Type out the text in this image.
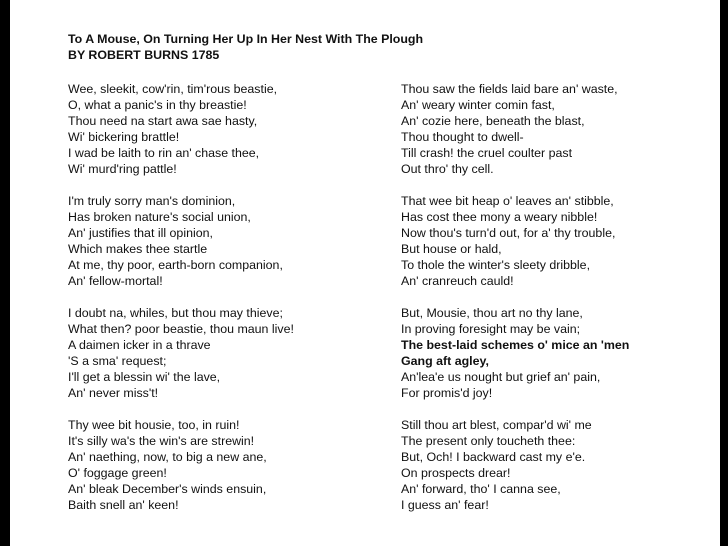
To A Mouse, On Turning Her Up In Her Nest With The Plough
BY ROBERT BURNS 1785
Wee, sleekit, cow'rin, tim'rous beastie,
O, what a panic's in thy breastie!
Thou need na start awa sae hasty,
Wi' bickering brattle!
I wad be laith to rin an' chase thee,
Wi' murd'ring pattle!
I'm truly sorry man's dominion,
Has broken nature's social union,
An' justifies that ill opinion,
Which makes thee startle
At me, thy poor, earth-born companion,
An' fellow-mortal!
I doubt na, whiles, but thou may thieve;
What then? poor beastie, thou maun live!
A daimen icker in a thrave
'S a sma' request;
I'll get a blessin wi' the lave,
An' never miss't!
Thy wee bit housie, too, in ruin!
It's silly wa's the win's are strewin!
An' naething, now, to big a new ane,
O' foggage green!
An' bleak December's winds ensuin,
Baith snell an' keen!
Thou saw the fields laid bare an' waste,
An' weary winter comin fast,
An' cozie here, beneath the blast,
Thou thought to dwell-
Till crash! the cruel coulter past
Out thro' thy cell.
That wee bit heap o' leaves an' stibble,
Has cost thee mony a weary nibble!
Now thou's turn'd out, for a' thy trouble,
But house or hald,
To thole the winter's sleety dribble,
An' cranreuch cauld!
But, Mousie, thou art no thy lane,
In proving foresight may be vain;
The best-laid schemes o' mice an 'men
Gang aft agley,
An'lea'e us nought but grief an' pain,
For promis'd joy!
Still thou art blest, compar'd wi' me
The present only toucheth thee:
But, Och! I backward cast my e'e.
On prospects drear!
An' forward, tho' I canna see,
I guess an' fear!
